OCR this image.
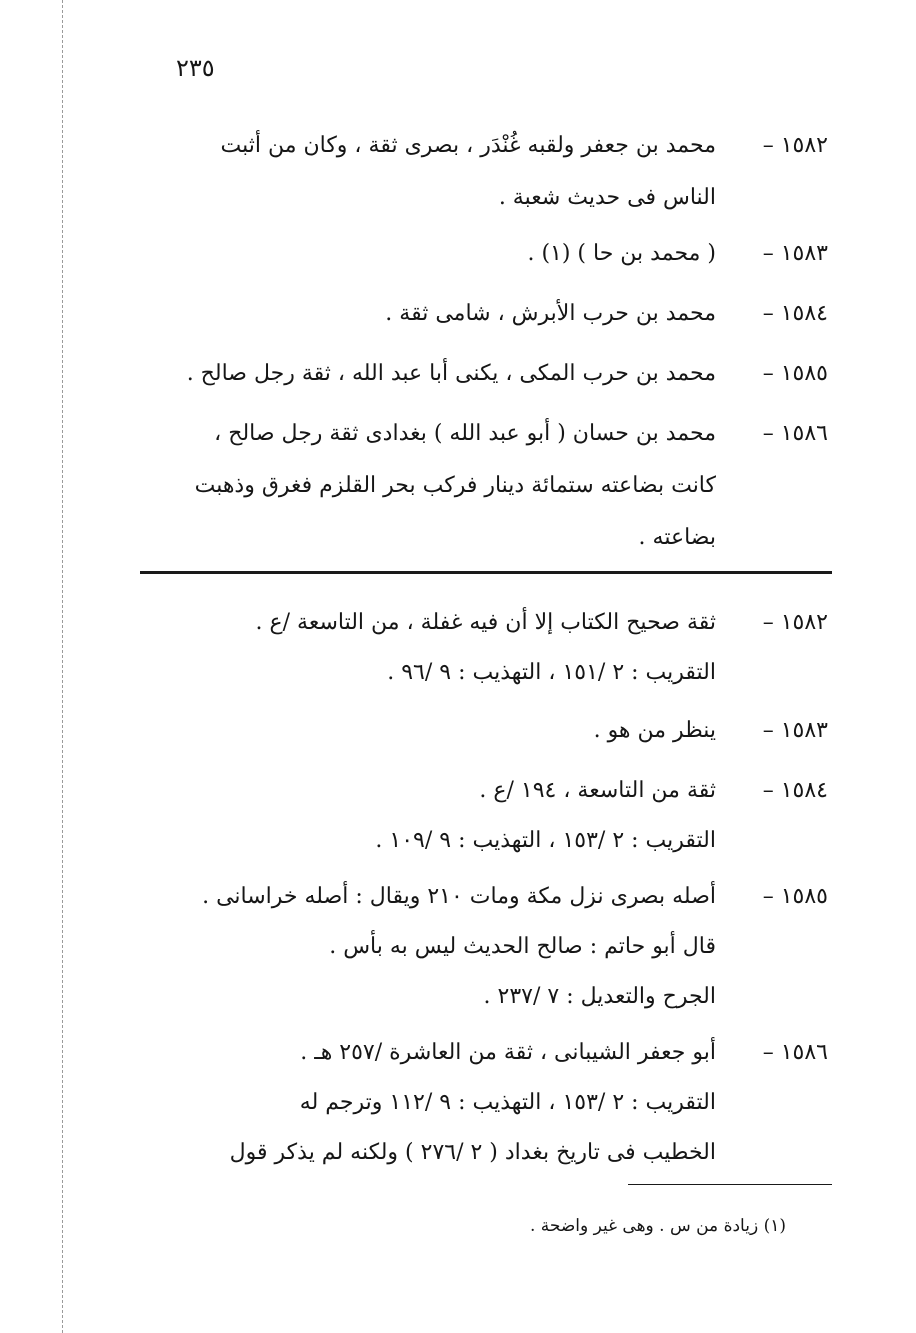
٢٣٥
١٥٨٢ –
محمد بن جعفر ولقبه غُنْدَر ، بصرى ثقة ، وكان من أثبت
الناس فى حديث شعبة .
١٥٨٣ –
( محمد بن حا ) (١) .
١٥٨٤ –
محمد بن حرب الأبرش ، شامى ثقة .
١٥٨٥ –
محمد بن حرب المكى ، يكنى أبا عبد الله ، ثقة رجل صالح .
١٥٨٦ –
محمد بن حسان ( أبو عبد الله ) بغدادى ثقة رجل صالح ،
كانت بضاعته ستمائة دينار فركب بحر القلزم فغرق وذهبت
بضاعته .
١٥٨٢ –
ثقة صحيح الكتاب إلا أن فيه غفلة ، من التاسعة /ع .
التقريب : ٢ /١٥١ ، التهذيب : ٩ /٩٦ .
١٥٨٣ –
ينظر من هو .
١٥٨٤ –
ثقة من التاسعة ، ١٩٤ /ع .
التقريب : ٢ /١٥٣ ، التهذيب : ٩ /١٠٩ .
١٥٨٥ –
أصله بصرى نزل مكة ومات ٢١٠ ويقال : أصله خراسانى .
قال أبو حاتم : صالح الحديث ليس به بأس .
الجرح والتعديل : ٧ /٢٣٧ .
١٥٨٦ –
أبو جعفر الشيبانى ، ثقة من العاشرة /٢٥٧ هـ .
التقريب : ٢ /١٥٣ ، التهذيب : ٩ /١١٢ وترجم له
الخطيب فى تاريخ بغداد ( ٢ /٢٧٦ ) ولكنه لم يذكر قول
(١) زيادة من س . وهى غير واضحة .
